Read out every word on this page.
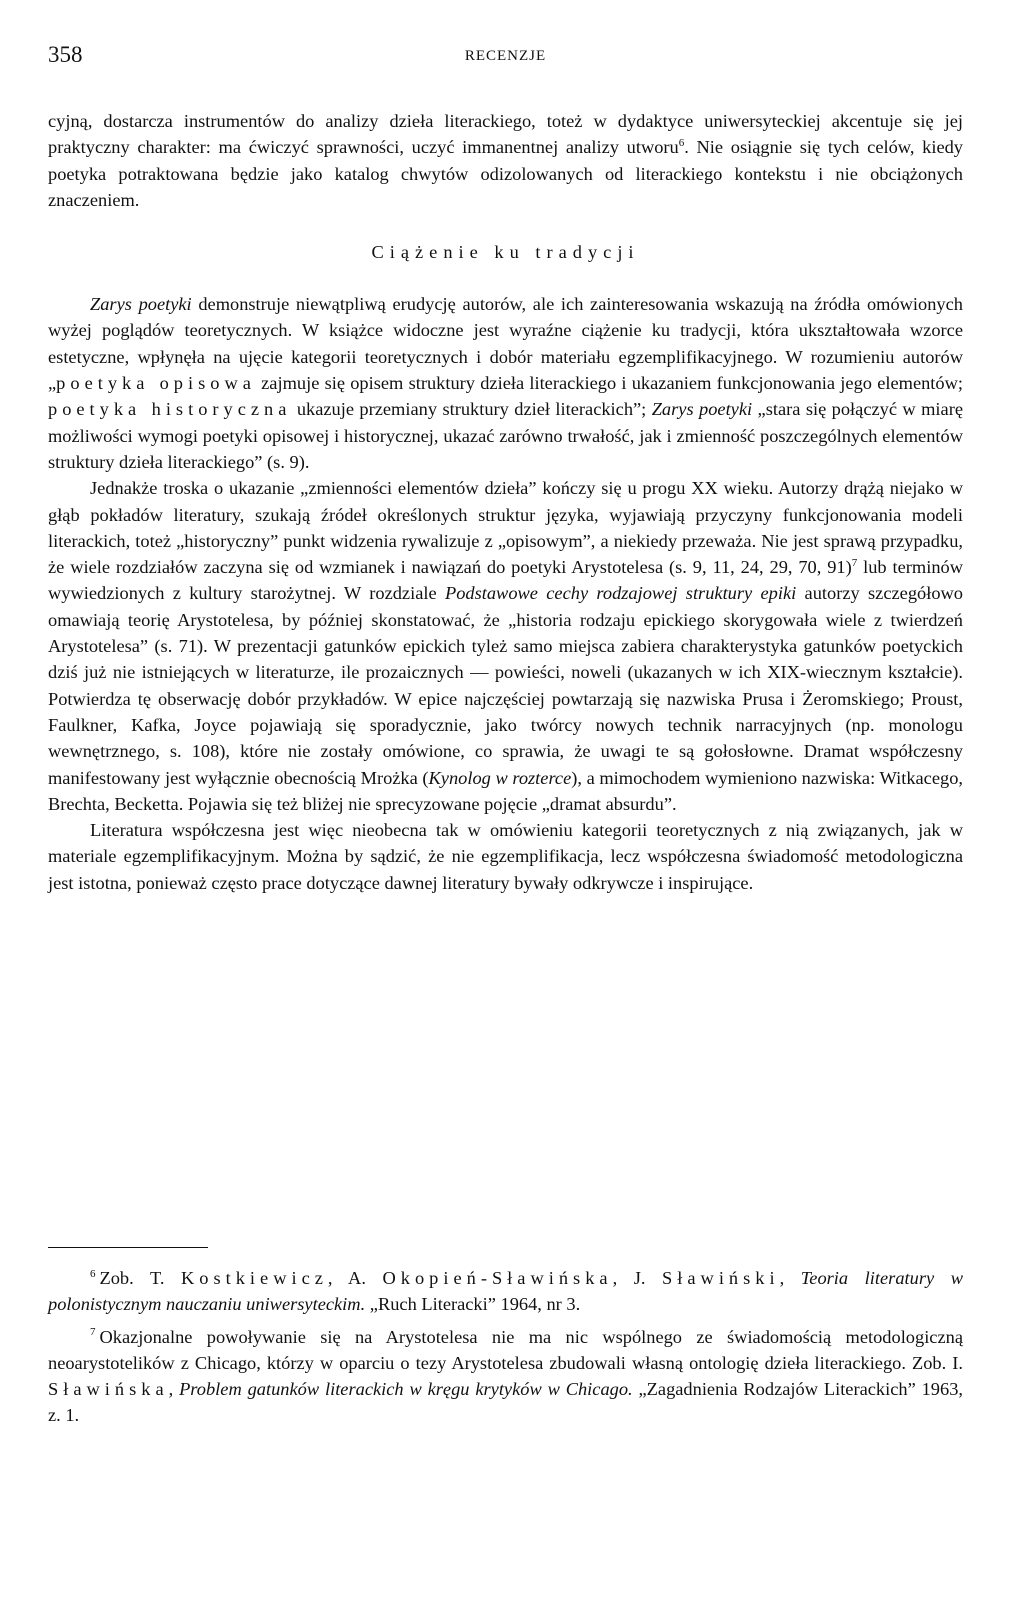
358	RECENZJE

cyjną, dostarcza instrumentów do analizy dzieła literackiego, toteż w dydaktyce uniwersyteckiej akcentuje się jej praktyczny charakter: ma ćwiczyć sprawności, uczyć immanentnej analizy utworu$^6$. Nie osiągnie się tych celów, kiedy poetyka potraktowana będzie jako katalog chwytów odizolowanych od literackiego kontekstu i nie obciążonych znaczeniem.

Ciążenie ku tradycji

Zarys poetyki demonstruje niewątpliwą erudycję autorów, ale ich zainteresowania wskazują na źródła omówionych wyżej poglądów teoretycznych. W książce widoczne jest wyraźne ciążenie ku tradycji, która ukształtowała wzorce estetyczne, wpłynęła na ujęcie kategorii teoretycznych i dobór materiału egzemplifikacyjnego. W rozumieniu autorów „poetyka opisowa zajmuje się opisem struktury dzieła literackiego i ukazaniem funkcjonowania jego elementów; poetyka historyczna ukazuje przemiany struktury dzieł literackich”; Zarys poetyki „stara się połączyć w miarę możliwości wymogi poetyki opisowej i historycznej, ukazać zarówno trwałość, jak i zmienność poszczególnych elementów struktury dzieła literackiego” (s. 9).

Jednakże troska o ukazanie „zmienności elementów dzieła” kończy się u progu XX wieku. Autorzy drążą niejako w głąb pokładów literatury, szukają źródeł określonych struktur języka, wyjawiają przyczyny funkcjonowania modeli literackich, toteż „historyczny” punkt widzenia rywalizuje z „opisowym”, a niekiedy przeważa. Nie jest sprawą przypadku, że wiele rozdziałów zaczyna się od wzmianek i nawiązań do poetyki Arystotelesa (s. 9, 11, 24, 29, 70, 91)$^7$ lub terminów wywiedzionych z kultury starożytnej. W rozdziale Podstawowe cechy rodzajowej struktury epiki autorzy szczegółowo omawiają teorię Arystotelesa, by później skonstatować, że „historia rodzaju epickiego skorygowała wiele z twierdzeń Arystotelesa” (s. 71). W prezentacji gatunków epickich tyleż samo miejsca zabiera charakterystyka gatunków poetyckich dziś już nie istniejących w literaturze, ile prozaicznych — powieści, noweli (ukazanych w ich XIX-wiecznym kształcie). Potwierdza tę obserwację dobór przykładów. W epice najczęściej powtarzają się nazwiska Prusa i Żeromskiego; Proust, Faulkner, Kafka, Joyce pojawiają się sporadycznie, jako twórcy nowych technik narracyjnych (np. monologu wewnętrznego, s. 108), które nie zostały omówione, co sprawia, że uwagi te są gołosłowne. Dramat współczesny manifestowany jest wyłącznie obecnością Mrożka (Kynolog w rozterce), a mimochodem wymieniono nazwiska: Witkacego, Brechta, Becketta. Pojawia się też bliżej nie sprecyzowane pojęcie „dramat absurdu”.

Literatura współczesna jest więc nieobecna tak w omówieniu kategorii teoretycznych z nią związanych, jak w materiale egzemplifikacyjnym. Można by sądzić, że nie egzemplifikacja, lecz współczesna świadomość metodologiczna jest istotna, ponieważ często prace dotyczące dawnej literatury bywały odkrywcze i inspirujące.

$^6$ Zob. T. Kostkiewicz, A. Okopień-Sławińska, J. Sławiński, Teoria literatury w polonistycznym nauczaniu uniwersyteckim. „Ruch Literacki” 1964, nr 3.

$^7$ Okazjonalne powoływanie się na Arystotelesa nie ma nic wspólnego ze świadomością metodologiczną neoarystotelików z Chicago, którzy w oparciu o tezy Arystotelesa zbudowali własną ontologię dzieła literackiego. Zob. I. Sławińska, Problem gatunków literackich w kręgu krytyków w Chicago. „Zagadnienia Rodzajów Literackich” 1963, z. 1.
